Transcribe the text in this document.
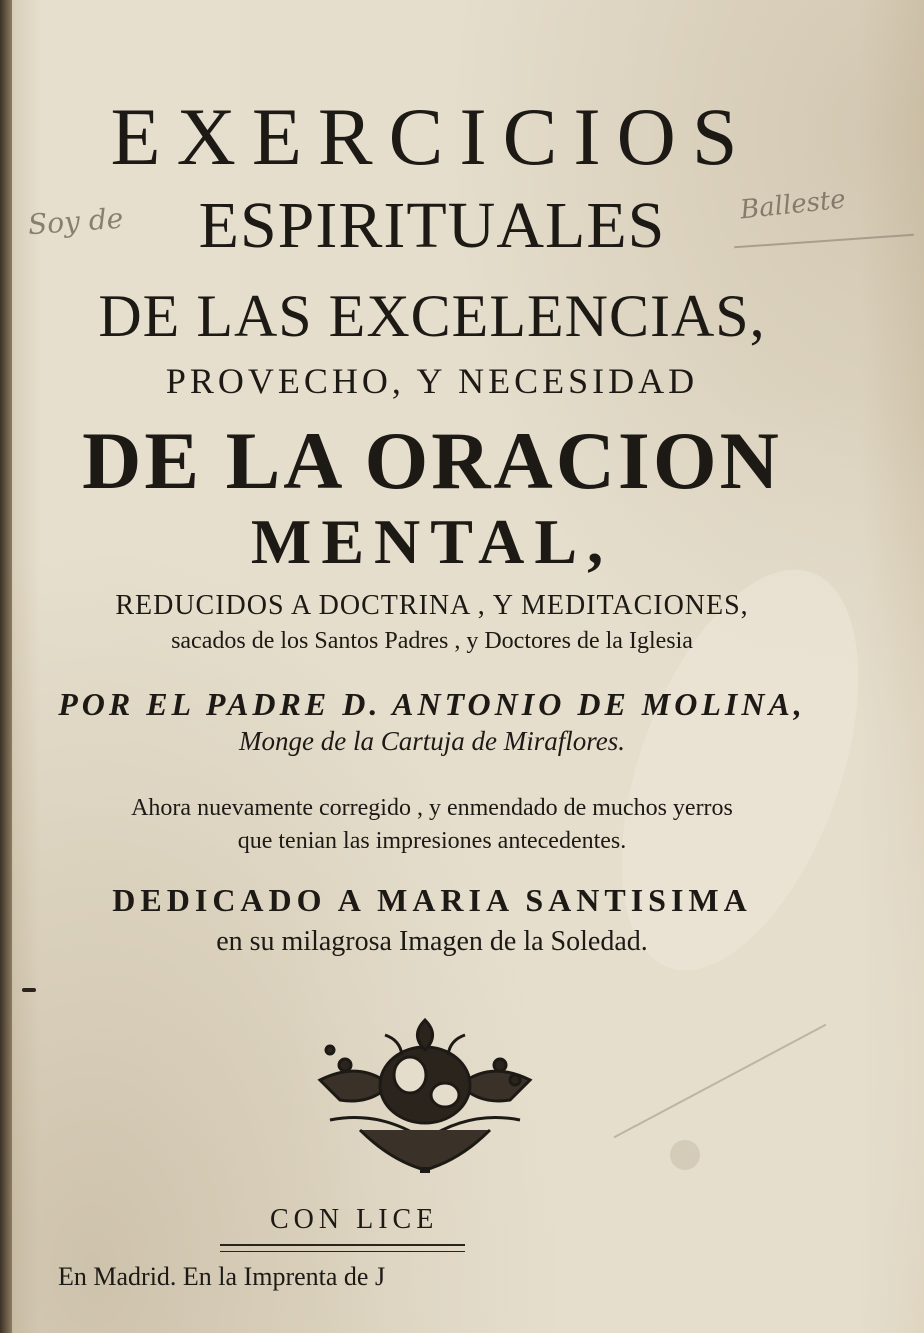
Soy de	Balleste
EXERCICIOS
ESPIRITUALES
DE LAS EXCELENCIAS,
PROVECHO, Y NECESIDAD
DE LA ORACION
MENTAL,
REDUCIDOS A DOCTRINA , Y MEDITACIONES,
sacados de los Santos Padres , y Doctores de la Iglesia
POR EL PADRE D. ANTONIO DE MOLINA,
Monge de la Cartuja de Miraflores.
Ahora nuevamente corregido , y enmendado de muchos yerros
que tenian las impresiones antecedentes.
DEDICADO A MARIA SANTISIMA
en su milagrosa Imagen de la Soledad.
CON LICE
En Madrid. En la Imprenta de J
